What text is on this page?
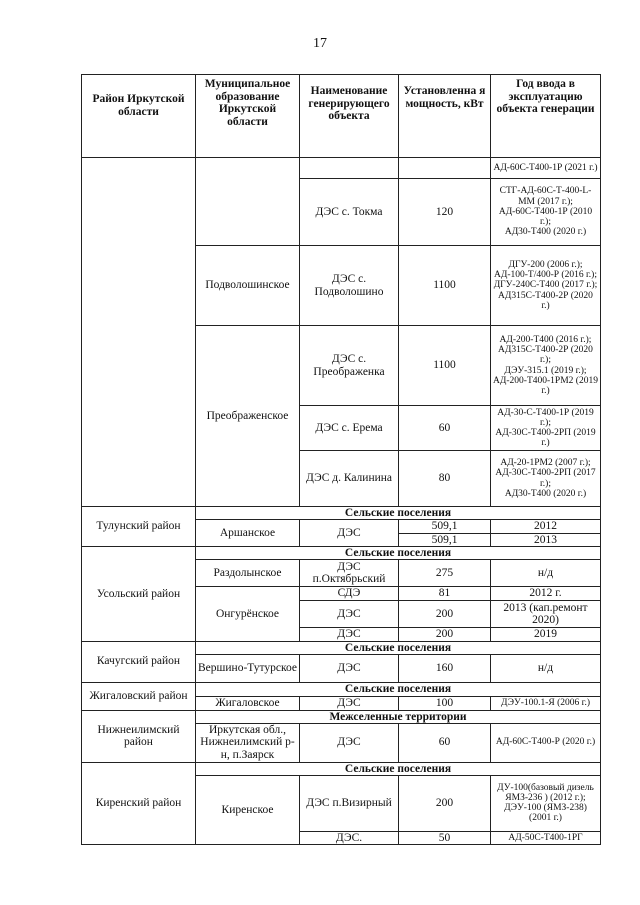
17
Район Иркутской области	Муниципальное образование Иркутской области	Наименование генерирующего объекта	Установленна я мощность, кВт	Год ввода в эксплуатацию объекта генерации
				АД-60С-Т400-1Р (2021 г.)
		ДЭС с. Токма	120	СТГ-АД-60С-Т-400-L-MM (2017 г.);
АД-60С-Т400-1Р (2010 г.);
АД30-Т400 (2020 г.)
	Подволошинское	ДЭС с. Подволошино	1100	ДГУ-200 (2006 г.);
АД-100-Т/400-Р (2016 г.);
ДГУ-240С-Т400 (2017 г.);
АД315С-Т400-2Р (2020 г.)
	Преображенское	ДЭС с. Преображенка	1100	АД-200-Т400 (2016 г.);
АД315С-Т400-2Р (2020 г.);
ДЭУ-315.1 (2019 г.);
АД-200-Т400-1РМ2 (2019 г.)
		ДЭС с. Ерема	60	АД-30-С-Т400-1Р (2019 г.);
АД-30С-Т400-2РП (2019 г.)
		ДЭС д. Калинина	80	АД-20-1РМ2 (2007 г.);
АД-30С-Т400-2РП (2017 г.);
АД30-Т400 (2020 г.)
Тулунский район	Сельские поселения			
	Аршанское	ДЭС	509,1	2012
			509,1	2013
Усольский район	Сельские поселения			
	Раздолынское	ДЭС п.Октябрьский	275	н/д
	Онгурёнское	СДЭ	81	2012 г.
		ДЭС	200	2013 (кап.ремонт 2020)
		ДЭС	200	2019
Качугский район	Сельские поселения			
	Вершино-Тутурское	ДЭС	160	н/д
Жигаловский район	Сельские поселения			
	Жигаловское	ДЭС	100	ДЭУ-100.1-Я (2006 г.)
Нижнеилимский район	Межселенные территории			
	Иркутская обл., Нижнеилимский р-н, п.Заярск	ДЭС	60	АД-60С-Т400-Р (2020 г.)
Киренский район	Сельские поселения			
	Киренское	ДЭС п.Визирный	200	ДУ-100(базовый дизель ЯМЗ-236 ) (2012 г.);
ДЭУ-100 (ЯМЗ-238) (2001 г.)
		ДЭС.	50	АД-50С-Т400-1РГ
